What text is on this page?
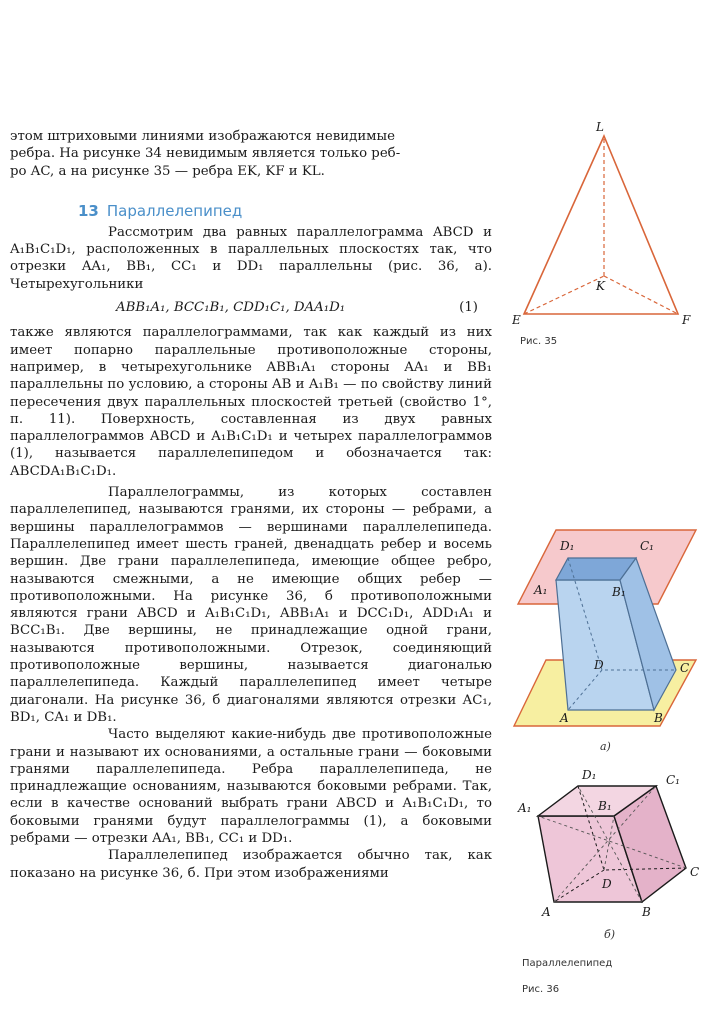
этом штриховыми линиями изображаются невидимые
ребра. На рисунке 34 невидимым является только реб-
ро AC, а на рисунке 35 — ребра EK, KF и KL.
13 Параллелепипед

Рассмотрим два равных параллелограмма ABCD и A₁B₁C₁D₁, расположенных в параллельных плоскостях так, что отрезки AA₁, BB₁, CC₁ и DD₁ параллельны (рис. 36, а). Четырехугольники

ABB₁A₁, BCC₁B₁, CDD₁C₁, DAA₁D₁	(1)

также являются параллелограммами, так как каждый из них имеет попарно параллельные противоположные стороны, например, в четырехугольнике ABB₁A₁ стороны AA₁ и BB₁ параллельны по условию, а стороны AB и A₁B₁ — по свойству линий пересечения двух параллельных плоскостей третьей (свойство 1°, п. 11). Поверхность, составленная из двух равных параллелограммов ABCD и A₁B₁C₁D₁ и четырех параллелограммов (1), называется параллелепипедом и обозначается так: ABCDA₁B₁C₁D₁.

Параллелограммы, из которых составлен параллелепипед, называются гранями, их стороны — ребрами, а вершины параллелограммов — вершинами параллелепипеда. Параллелепипед имеет шесть граней, двенадцать ребер и восемь вершин. Две грани параллелепипеда, имеющие общее ребро, называются смежными, а не имеющие общих ребер — противоположными. На рисунке 36, б противоположными являются грани ABCD и A₁B₁C₁D₁, ABB₁A₁ и DCC₁D₁, ADD₁A₁ и BCC₁B₁. Две вершины, не принадлежащие одной грани, называются противоположными. Отрезок, соединяющий противоположные вершины, называется диагональю параллелепипеда. Каждый параллелепипед имеет четыре диагонали. На рисунке 36, б диагоналями являются отрезки AC₁, BD₁, CA₁ и DB₁.

Часто выделяют какие-нибудь две противоположные грани и называют их основаниями, а остальные грани — боковыми гранями параллелепипеда. Ребра параллелепипеда, не принадлежащие основаниям, называются боковыми ребрами. Так, если в качестве оснований выбрать грани ABCD и A₁B₁C₁D₁, то боковыми гранями будут параллелограммы (1), а боковыми ребрами — отрезки AA₁, BB₁, CC₁ и DD₁.

Параллелепипед изображается обычно так, как показано на рисунке 36, б. При этом изображениями

L
K
E	F
Рис. 35
D₁	C₁
A₁	B₁
D	C
A	B
а)
D₁	C₁
A₁	B₁
D
C
A	B
б)
Параллелепипед
Рис. 36
